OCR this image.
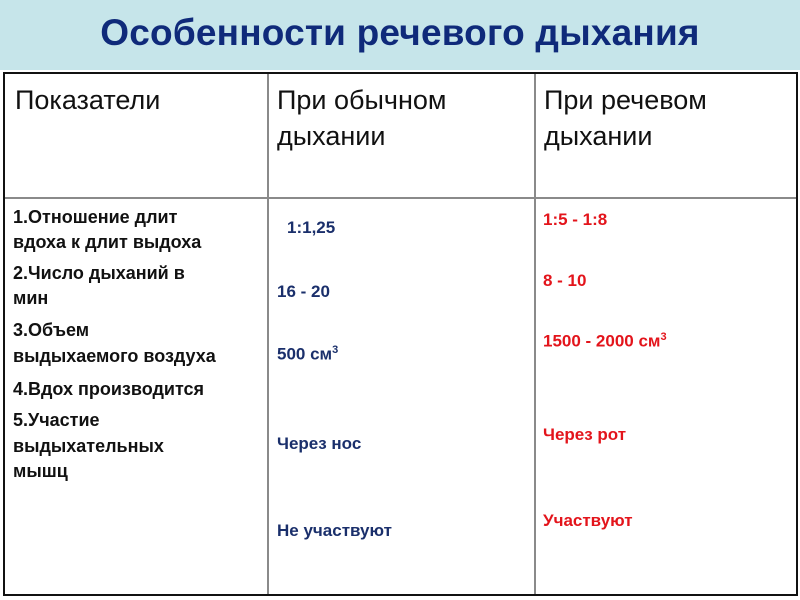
Особенности речевого дыхания

Показатели	При обычном

дыхании

При речевом

дыхании

1.Отношение длит

вдоха к длит выдоха

2.Число дыханий в

мин

3.Объем

выдыхаемого воздуха

4.Вдох производится

5.Участие

выдыхательных

мышц

1:1,25

16 - 20

500 $см^3$

Через нос

Не участвуют

1:5 - 1:8

8 - 10

1500 - 2000 $см^3$

Через рот

Участвуют
